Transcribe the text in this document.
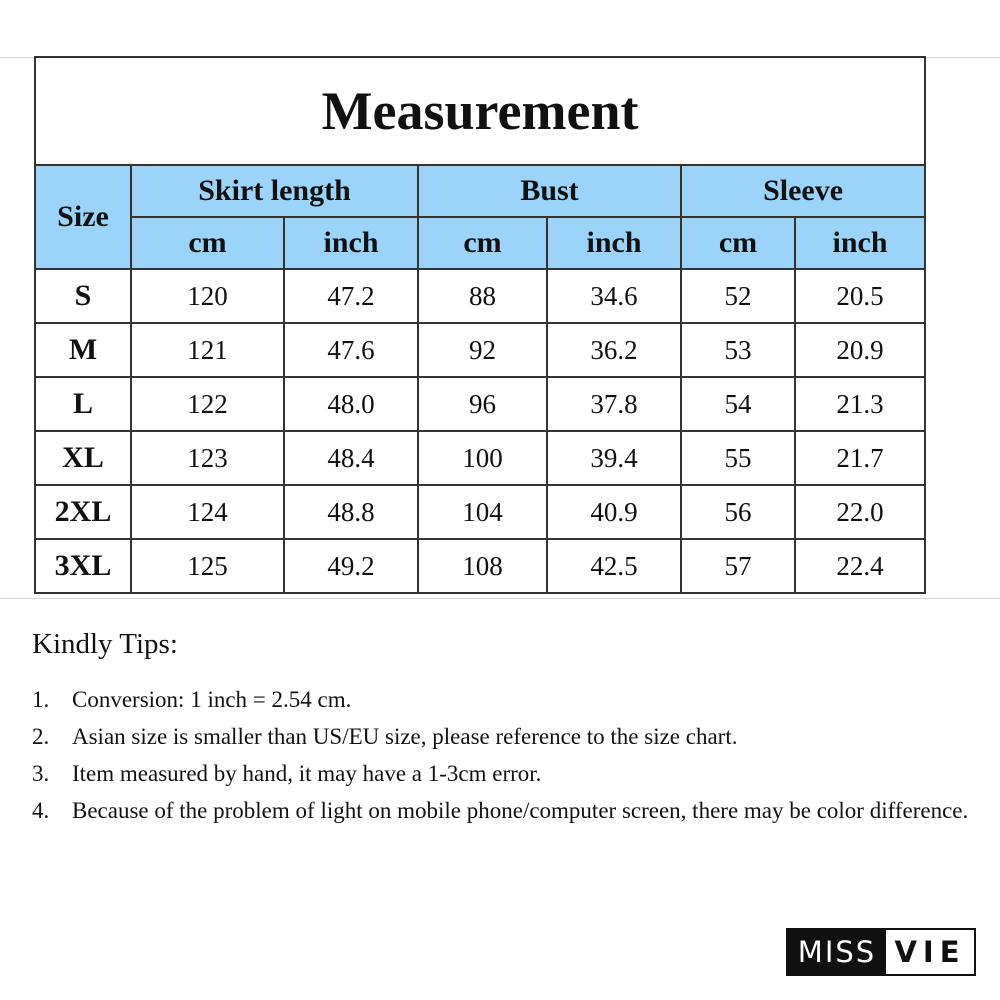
Measurement						
Size	Skirt length		Bust		Sleeve	
	cm	inch	cm	inch	cm	inch
S	120	47.2	88	34.6	52	20.5
M	121	47.6	92	36.2	53	20.9
L	122	48.0	96	37.8	54	21.3
XL	123	48.4	100	39.4	55	21.7
2XL	124	48.8	104	40.9	56	22.0
3XL	125	49.2	108	42.5	57	22.4
Kindly Tips:
1. Conversion: 1 inch = 2.54 cm.
2. Asian size is smaller than US/EU size, please reference to the size chart.
3. Item measured by hand, it may have a 1-3cm error.
4. Because of the problem of light on mobile phone/computer screen, there may be color difference.
MISS VIE
